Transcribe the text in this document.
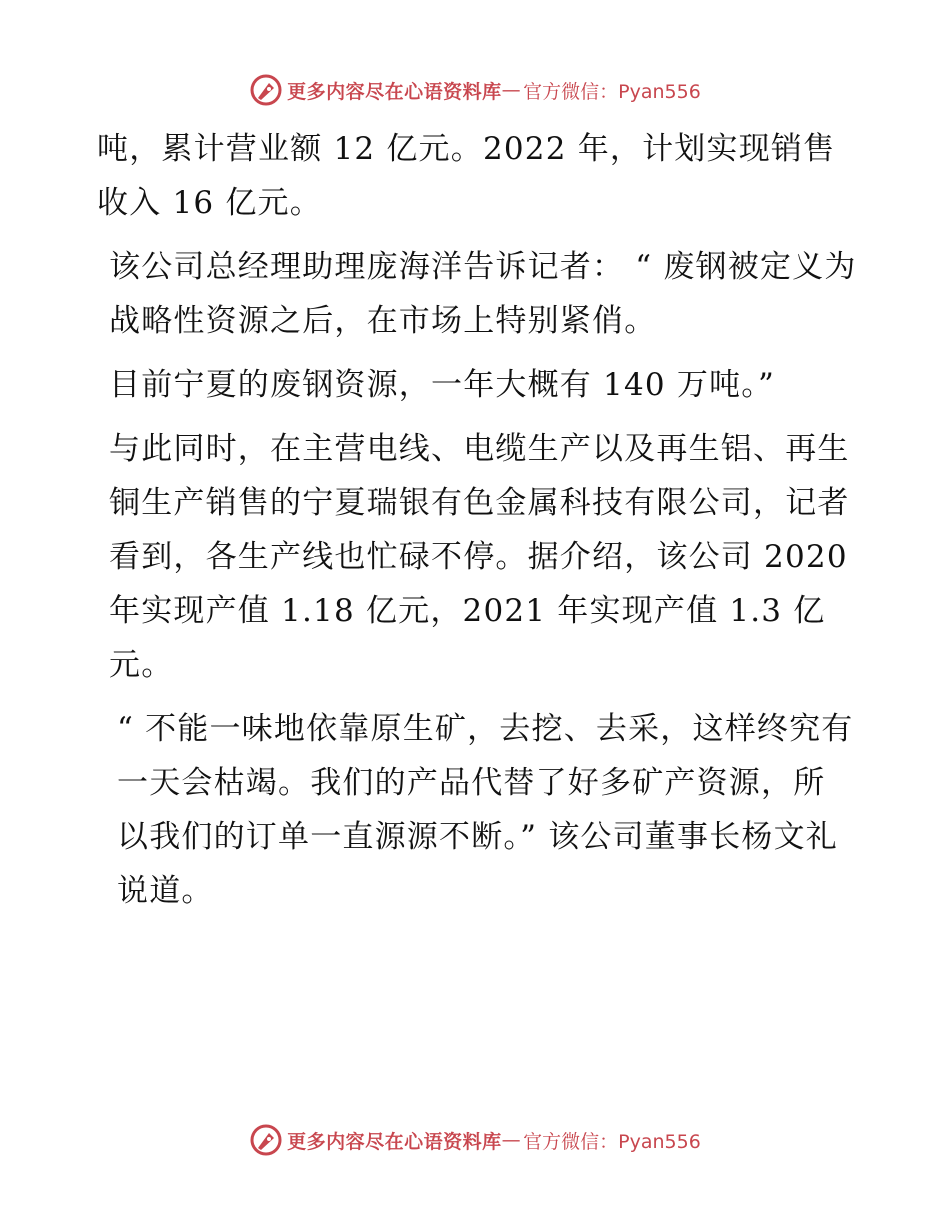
更多内容尽在心语资料库 — 官方微信：Pyan556

吨，累计营业额 12 亿元。2022 年，计划实现销售收入 16 亿元。

该公司总经理助理庞海洋告诉记者： “ 废钢被定义为战略性资源之后，在市场上特别紧俏。

目前宁夏的废钢资源，一年大概有 140 万吨。”

与此同时，在主营电线、电缆生产以及再生铝、再生铜生产销售的宁夏瑞银有色金属科技有限公司，记者看到，各生产线也忙碌不停。据介绍，该公司 2020 年实现产值 1.18 亿元，2021 年实现产值 1.3 亿元。

“ 不能一味地依靠原生矿，去挖、去采，这样终究有一天会枯竭。我们的产品代替了好多矿产资源，所以我们的订单一直源源不断。” 该公司董事长杨文礼说道。

更多内容尽在心语资料库 — 官方微信：Pyan556
